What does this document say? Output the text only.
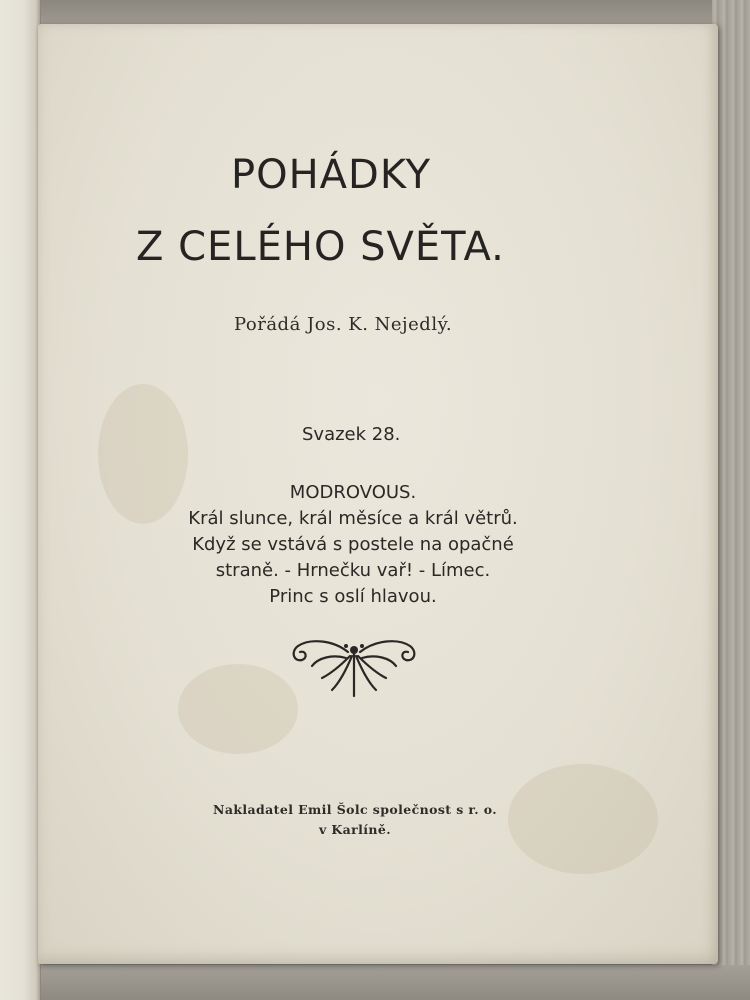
POHÁDKY
Z CELÉHO SVĚTA.
Pořádá Jos. K. Nejedlý.
Svazek 28.
MODROVOUS.
Král slunce, král měsíce a král větrů.
Když se vstává s postele na opačné
straně. - Hrnečku vař! - Límec.
Princ s oslí hlavou.
Nakladatel Emil Šolc společnost s r. o.
v Karlíně.
